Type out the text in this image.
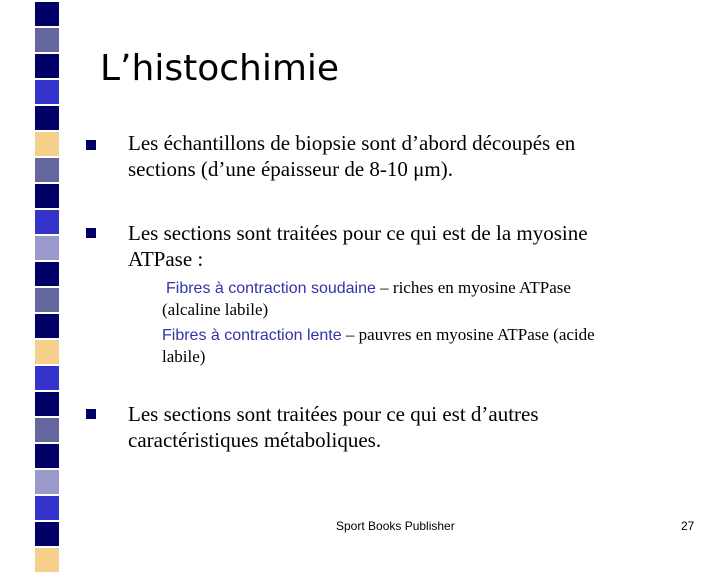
L’histochimie
Les échantillons de biopsie sont d’abord découpés en
sections (d’une épaisseur de 8-10 μm).
Les sections sont traitées pour ce qui est de la myosine
ATPase :
Fibres à contraction soudaine – riches en myosine ATPase
(alcaline labile)
Fibres à contraction lente – pauvres en myosine ATPase (acide
labile)
Les sections sont traitées pour ce qui est d’autres
caractéristiques métaboliques.
Sport Books Publisher	27
